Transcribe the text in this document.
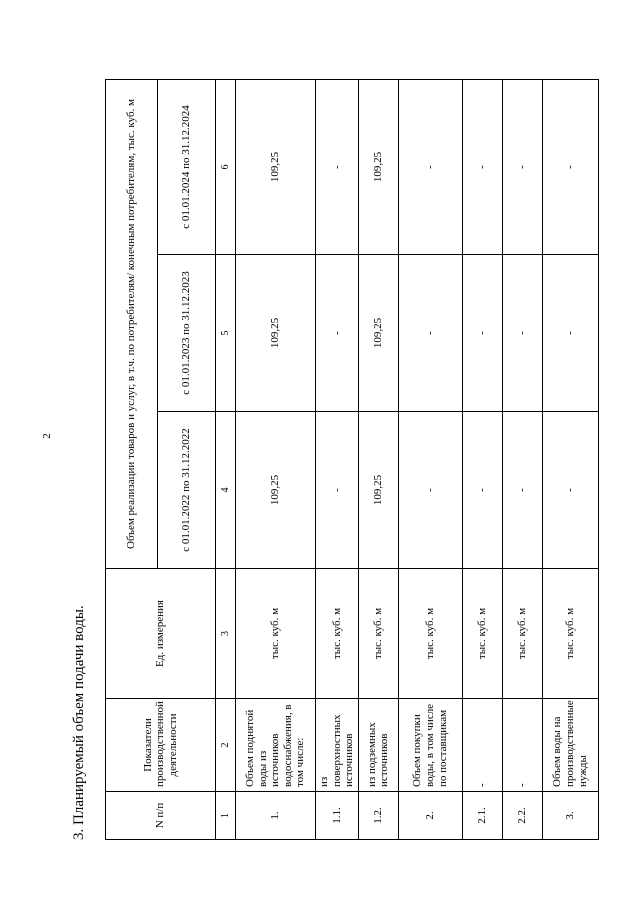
2
3. Планируемый объем подачи воды.	N п/п	Показатели производственной деятельности	Ед. измерения	Объем реализации товаров и услуг, в т.ч. по потребителям/ конечным потребителям, тыс. куб. м		
			с 01.01.2022 по 31.12.2022	с 01.01.2023 по 31.12.2023	с 01.01.2024 по 31.12.2024
1	2	3	4	5	6
1.	Объем поднятой воды из источников водоснабжения, в том числе:	тыс. куб. м	109,25	109,25	109,25
1.1.	из поверхностных источников	тыс. куб. м	-	-	-
1.2.	из подземных источников	тыс. куб. м	109,25	109,25	109,25
2.	Объем покупки воды, в том числе по поставщикам	тыс. куб. м	-	-	-
2.1.	-	тыс. куб. м	-	-	-
2.2.	-	тыс. куб. м	-	-	-
3.	Объем воды на производственные нужды	тыс. куб. м	-	-	-
